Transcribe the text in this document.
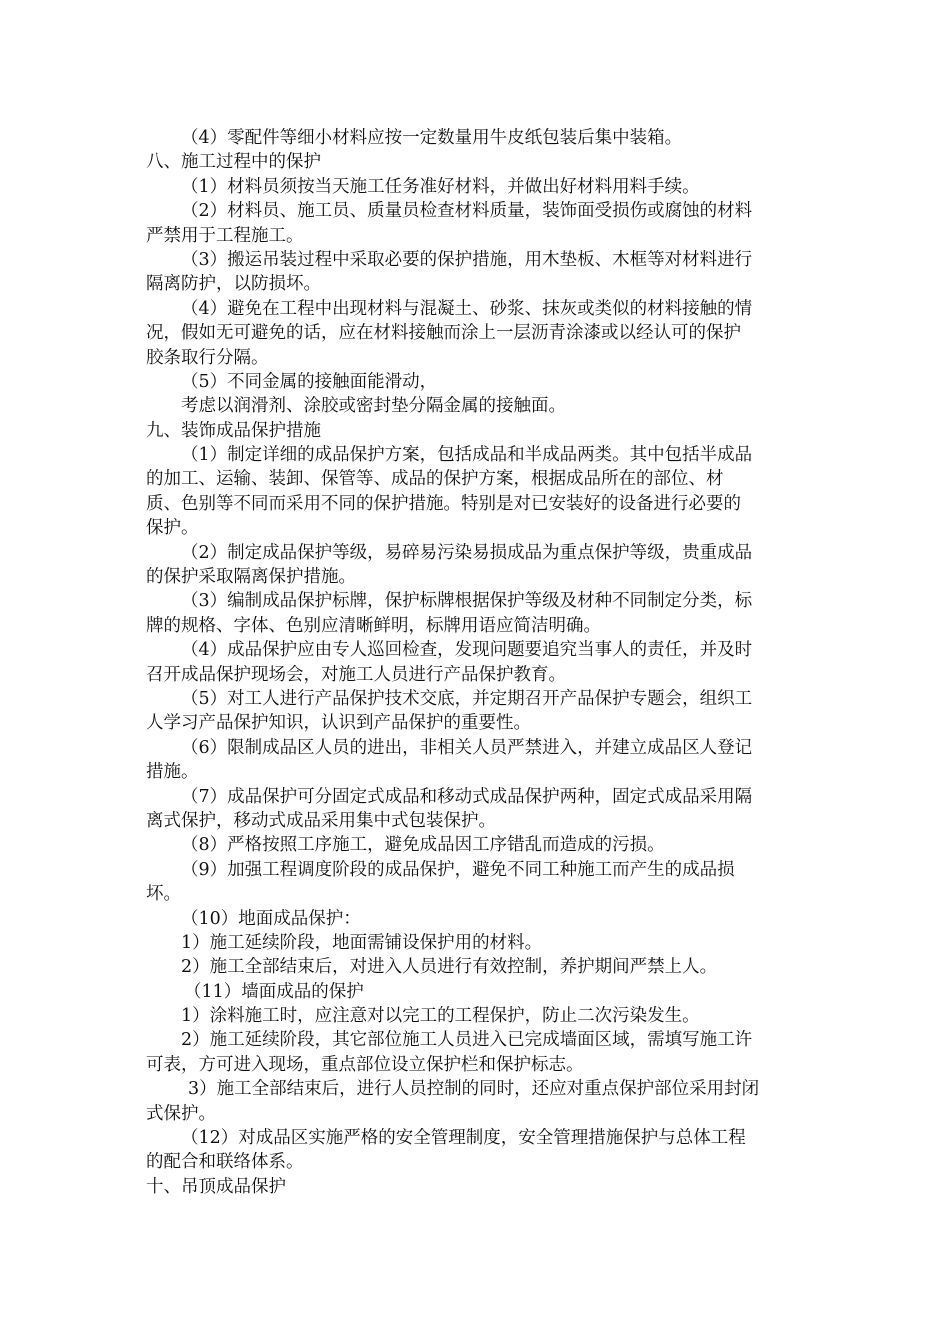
（4）零配件等细小材料应按一定数量用牛皮纸包装后集中装箱。
八、施工过程中的保护
（1）材料员须按当天施工任务准好材料，并做出好材料用料手续。
（2）材料员、施工员、质量员检查材料质量，装饰面受损伤或腐蚀的材料
严禁用于工程施工。
（3）搬运吊装过程中采取必要的保护措施，用木垫板、木框等对材料进行
隔离防护，以防损坏。
（4）避免在工程中出现材料与混凝土、砂浆、抹灰或类似的材料接触的情
况，假如无可避免的话，应在材料接触而涂上一层沥青涂漆或以经认可的保护
胶条取行分隔。
（5）不同金属的接触面能滑动，
考虑以润滑剂、涂胶或密封垫分隔金属的接触面。
九、装饰成品保护措施
（1）制定详细的成品保护方案，包括成品和半成品两类。其中包括半成品
的加工、运输、装卸、保管等、成品的保护方案，根据成品所在的部位、材
质、色别等不同而采用不同的保护措施。特别是对已安装好的设备进行必要的
保护。
（2）制定成品保护等级，易碎易污染易损成品为重点保护等级，贵重成品
的保护采取隔离保护措施。
（3）编制成品保护标牌，保护标牌根据保护等级及材种不同制定分类，标
牌的规格、字体、色别应清晰鲜明，标牌用语应简洁明确。
（4）成品保护应由专人巡回检查，发现问题要追究当事人的责任，并及时
召开成品保护现场会，对施工人员进行产品保护教育。
（5）对工人进行产品保护技术交底，并定期召开产品保护专题会，组织工
人学习产品保护知识，认识到产品保护的重要性。
（6）限制成品区人员的进出，非相关人员严禁进入，并建立成品区人登记
措施。
（7）成品保护可分固定式成品和移动式成品保护两种，固定式成品采用隔
离式保护，移动式成品采用集中式包装保护。
（8）严格按照工序施工，避免成品因工序错乱而造成的污损。
（9）加强工程调度阶段的成品保护，避免不同工种施工而产生的成品损
坏。
（10）地面成品保护：
1）施工延续阶段，地面需铺设保护用的材料。
2）施工全部结束后，对进入人员进行有效控制，养护期间严禁上人。
（11）墙面成品的保护
1）涂料施工时，应注意对以完工的工程保护，防止二次污染发生。
2）施工延续阶段，其它部位施工人员进入已完成墙面区域，需填写施工许
可表，方可进入现场，重点部位设立保护栏和保护标志。
3）施工全部结束后，进行人员控制的同时，还应对重点保护部位采用封闭
式保护。
（12）对成品区实施严格的安全管理制度，安全管理措施保护与总体工程
的配合和联络体系。
十、吊顶成品保护
